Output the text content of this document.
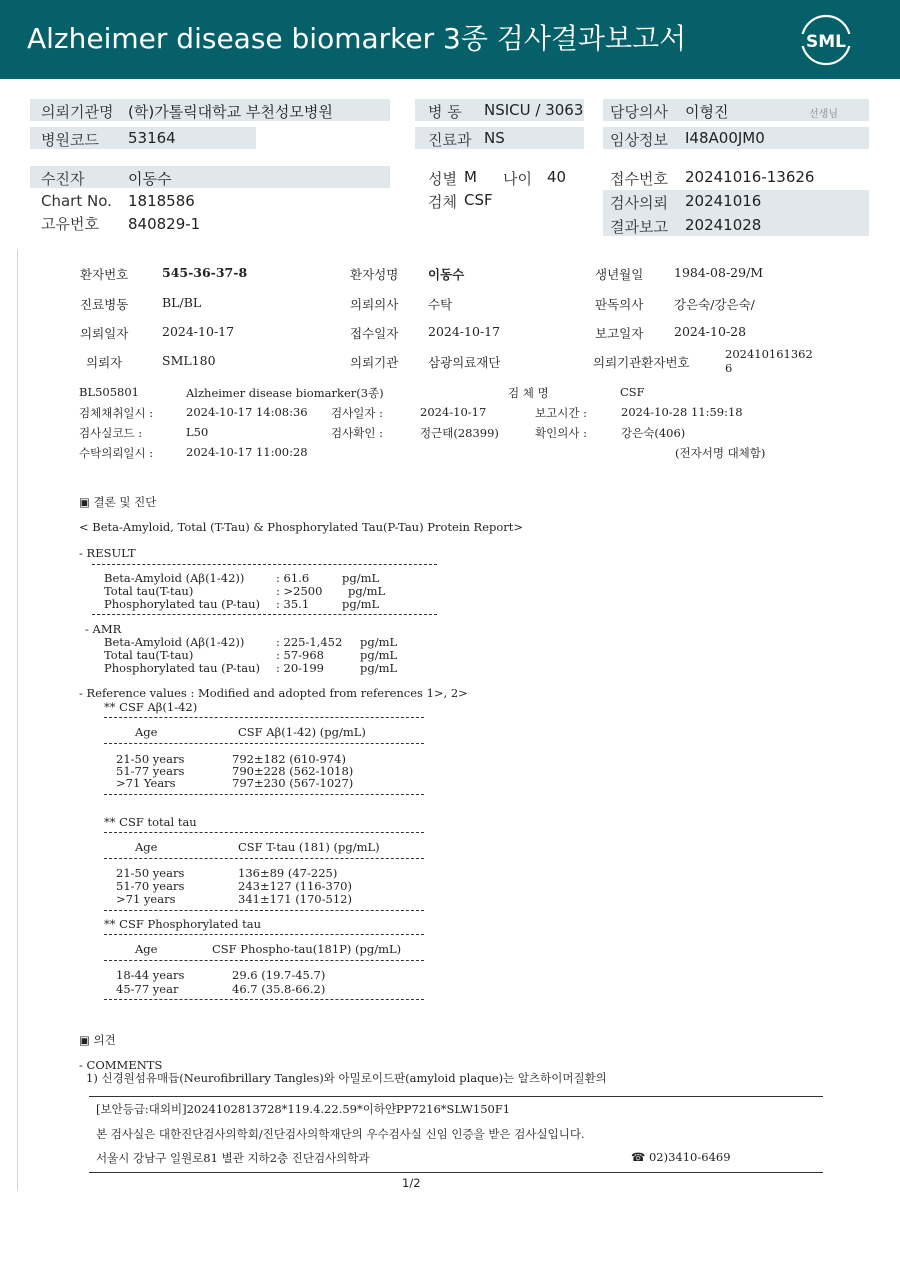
Alzheimer disease biomarker 3종 검사결과보고서	SML
의뢰기관명 (학)가톨릭대학교 부천성모병원	병 동 NSICU / 3063 담당의사 이형진	선생님
병원코드 53164	진료과 NS	임상정보 I48A00JM0
수진자	이동수	성별 M 나이 40	접수번호 20241016-13626
Chart No. 1818586	검체 CSF	검사의뢰 20241016
고유번호 840829-1	결과보고 20241028
환자번호	545-36-37-8	환자성명 이동수	생년월일 1984-08-29/M
진료병동	BL/BL	의뢰의사 수탁	판독의사 강은숙/강은숙/
의뢰일자	2024-10-17	접수일자 2024-10-17	보고일자 2024-10-28
의뢰자	SML180	의뢰기관 삼광의료재단	의뢰기관환자번호
202410161362
6
BL505801	Alzheimer disease biomarker(3종)	검 체 명	CSF
검체채취일시 :	2024-10-17 14:08:36 검사일자 :	2024-10-17	보고시간 :	2024-10-28 11:59:18
검사실코드 :	L50	검사확인 :	정근태(28399)	확인의사 :	강은숙(406)
수탁의뢰일시 :	2024-10-17 11:00:28	(전자서명 대체함)
▣ 결론 및 진단
< Beta-Amyloid, Total (T-Tau) & Phosphorylated Tau(P-Tau) Protein Report>
- RESULT
Beta-Amyloid (Aβ(1-42))	: 61.6	pg/mL
Total tau(T-tau)	: >2500 pg/mL
Phosphorylated tau (P-tau) : 35.1	pg/mL
- AMR
Beta-Amyloid (Aβ(1-42))	: 225-1,452 pg/mL
Total tau(T-tau)	: 57-968	pg/mL
Phosphorylated tau (P-tau) : 20-199	pg/mL
- Reference values : Modified and adopted from references 1>, 2>
** CSF Aβ(1-42)
Age	CSF Aβ(1-42) (pg/mL)
21-50 years	792±182 (610-974)
51-77 years	790±228 (562-1018)
>71 Years	797±230 (567-1027)
** CSF total tau
Age	CSF T-tau (181) (pg/mL)
21-50 years	136±89 (47-225)
51-70 years	243±127 (116-370)
>71 years	341±171 (170-512)
** CSF Phosphorylated tau
Age	CSF Phospho-tau(181P) (pg/mL)
18-44 years	29.6 (19.7-45.7)
45-77 year	46.7 (35.8-66.2)
▣ 의견
- COMMENTS
1) 신경원섬유매듭(Neurofibrillary Tangles)와 아밀로이드판(amyloid plaque)는 알츠하이머질환의
[보안등급:대외비]2024102813728*119.4.22.59*이하얀PP7216*SLW150F1
본 검사실은 대한진단검사의학회/진단검사의학재단의 우수검사실 신임 인증을 받은 검사실입니다.
서울시 강남구 일원로81 별관 지하2층 진단검사의학과	☎ 02)3410-6469
1/2
